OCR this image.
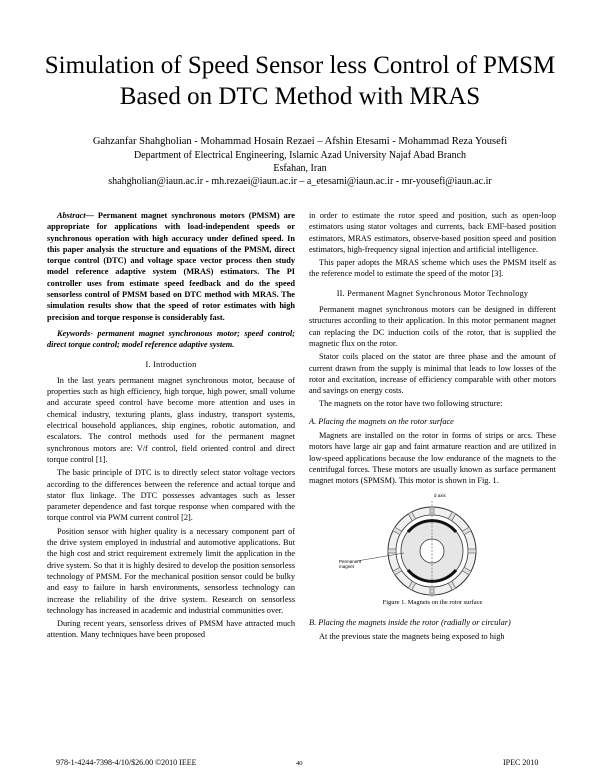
Simulation of Speed Sensor less Control of PMSM Based on DTC Method with MRAS
Gahzanfar Shahgholian - Mohammad Hosain Rezaei – Afshin Etesami - Mohammad Reza Yousefi
Department of Electrical Engineering, Islamic Azad University Najaf Abad Branch
Esfahan, Iran
shahgholian@iaun.ac.ir - mh.rezaei@iaun.ac.ir – a_etesami@iaun.ac.ir - mr-yousefi@iaun.ac.ir

Abstract— Permanent magnet synchronous motors (PMSM) are appropriate for applications with load-independent speeds or synchronous operation with high accuracy under defined speed. In this paper analysis the structure and equations of the PMSM, direct torque control (DTC) and voltage space vector process then study model reference adaptive system (MRAS) estimators. The PI controller uses from estimate speed feedback and do the speed sensorless control of PMSM based on DTC method with MRAS. The simulation results show that the speed of rotor estimates with high precision and torque response is considerably fast.

Keywords- permanent magnet synchronous motor; speed control; direct torque control; model reference adaptive system.

I. Introduction

In the last years permanent magnet synchronous motor, because of properties such as high efficiency, high torque, high power, small volume and accurate speed control have become more attention and uses in chemical industry, texturing plants, glass industry, transport systems, electrical household appliances, ship engines, robotic automation, and escalators. The control methods used for the permanent magnet synchronous motors are: V/f control, field oriented control and direct torque control [1].

The basic principle of DTC is to directly select stator voltage vectors according to the differences between the reference and actual torque and stator flux linkage. The DTC possesses advantages such as lesser parameter dependence and fast torque response when compared with the torque control via PWM current control [2].

Position sensor with higher quality is a necessary component part of the drive system employed in industrial and automotive applications. But the high cost and strict requirement extremely limit the application in the drive system. So that it is highly desired to develop the position sensorless technology of PMSM. For the mechanical position sensor could be bulky and easy to failure in harsh environments, sensorless technology can increase the reliability of the drive system. Research on sensorless technology has increased in academic and industrial communities over.

During recent years, sensorless drives of PMSM have attracted much attention. Many techniques have been proposed

in order to estimate the rotor speed and position, such as open-loop estimators using stator voltages and currents, back EMF-based position estimators, MRAS estimators, observe-based position speed and position estimators, high-frequency signal injection and artificial intelligence.

This paper adopts the MRAS scheme which uses the PMSM itself as the reference model to estimate the speed of the motor [3].

II. Permanent Magnet Synchronous Motor Technology

Permanent magnet synchronous motors can be designed in different structures according to their application. In this motor permanent magnet can replacing the DC induction coils of the rotor, that is supplied the magnetic flux on the rotor.

Stator coils placed on the stator are three phase and the amount of current drawn from the supply is minimal that leads to low losses of the rotor and excitation, increase of efficiency comparable with other motors and savings on energy costs.

The magnets on the rotor have two following structure:

A. Placing the magnets on the rotor surface

Magnets are installed on the rotor in forms of strips or arcs. These motors have large air gap and faint armature reaction and are utilized in low-speed applications because the low endurance of the magnets to the centrifugal forces. These motors are usually known as surface permanent magnet motors (SPMSM). This motor is shown in Fig. 1.

d axis
Permanent magnet
Figure 1. Magnets on the rotor surface
B. Placing the magnets inside the rotor (radially or circular)

At the previous state the magnets being exposed to high

978-1-4244-7398-4/10/$26.00 ©2010 IEEE	40	IPEC 2010
